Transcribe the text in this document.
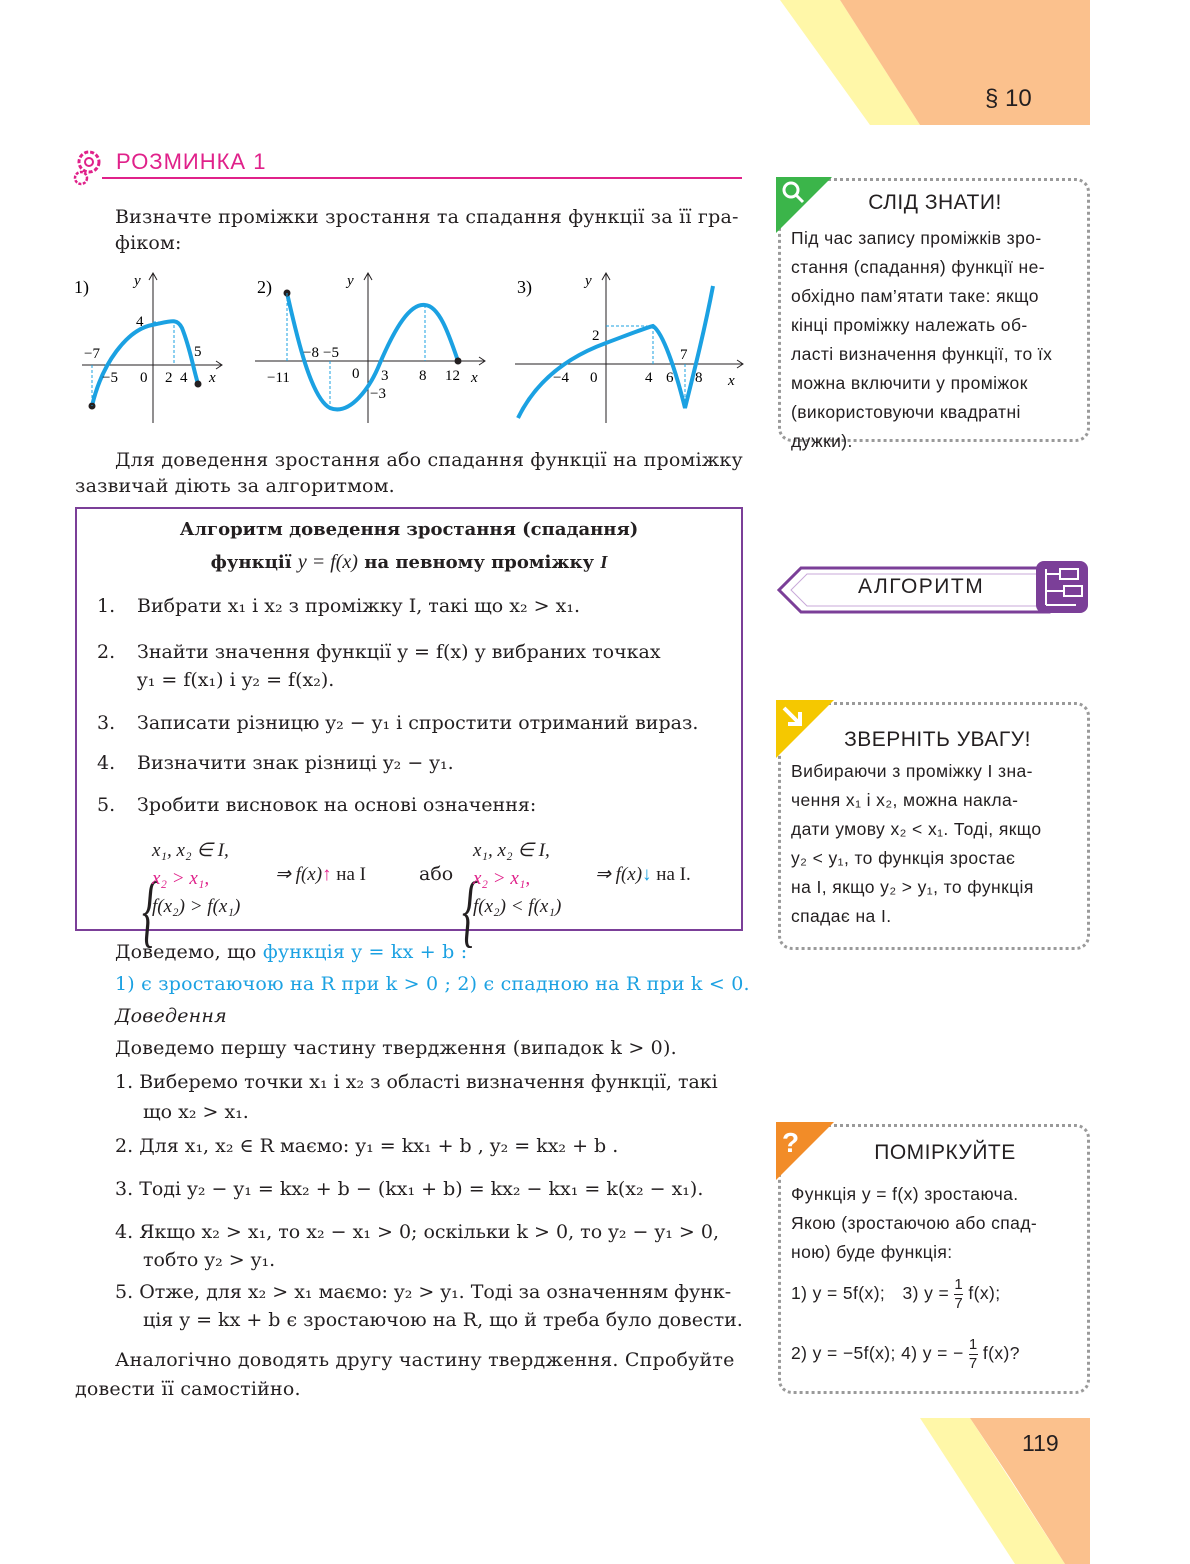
§ 10
119
РОЗМИНКА 1
Визначте проміжки зростання та спадання функції за її гра-
фіком:
1)	y
x
−7
−5 0 2 4
5
4
2)	y
x
−11
−8 −5
0 3
−3
8 12
3)	y
x
−4 0
2
4 6
7
8
Для доведення зростання або спадання функції на проміжку
зазвичай діють за алгоритмом.
Алгоритм доведення зростання (спадання)
функції y = f(x) на певному проміжку I
1. Вибрати x₁ і x₂ з проміжку I, такі що x₂ > x₁.
2. Знайти значення функції y = f(x) у вибраних точках
y₁ = f(x₁) і y₂ = f(x₂).
3. Записати різницю y₂ − y₁ і спростити отриманий вираз.
4. Визначити знак різниці y₂ − y₁.
5. Зробити висновок на основі означення:
{
x₁, x₂ ∈ I,
x₂ > x₁,
f(x₂) > f(x₁)
⇒ f(x)↑ на I	або {
x₁, x₂ ∈ I,
x₂ > x₁,
f(x₂) < f(x₁)
⇒ f(x)↓ на I.
Доведемо, що функція y = kx + b :
1) є зростаючою на R при k > 0 ; 2) є спадною на R при k < 0.
Доведення
Доведемо першу частину твердження (випадок k > 0).
1. Виберемо точки x₁ і x₂ з області визначення функції, такі
що x₂ > x₁.
2. Для x₁, x₂ ∈ R маємо: y₁ = kx₁ + b , y₂ = kx₂ + b .
3. Тоді y₂ − y₁ = kx₂ + b − (kx₁ + b) = kx₂ − kx₁ = k(x₂ − x₁).
4. Якщо x₂ > x₁, то x₂ − x₁ > 0; оскільки k > 0, то y₂ − y₁ > 0,
тобто y₂ > y₁.
5. Отже, для x₂ > x₁ маємо: y₂ > y₁. Тоді за означенням функ-
ція y = kx + b є зростаючою на R, що й треба було довести.
Аналогічно доводять другу частину твердження. Спробуйте
довести її самостійно.
СЛІД ЗНАТИ!
Під час запису проміжків зро-
стання (спадання) функції не-
обхідно пам’ятати таке: якщо
кінці проміжку належать об-
ласті визначення функції, то їх
можна включити у проміжок
(використовуючи квадратні
дужки).
АЛГОРИТМ
ЗВЕРНІТЬ УВАГУ!
Вибираючи з проміжку I зна-
чення x₁ і x₂, можна накла-
дати умову x₂ < x₁. Тоді, якщо
y₂ < y₁, то функція зростає
на I, якщо y₂ > y₁, то функція
спадає на I.
?	ПОМІРКУЙТЕ
Функція y = f(x) зростаюча.
Якою (зростаючою або спад-
ною) буде функція:
1) y = 5f(x); 3) $y = \frac{1}{7} f(x)$;
2) y = −5f(x); 4) y = − $\frac{1}{7} f(x)$?
